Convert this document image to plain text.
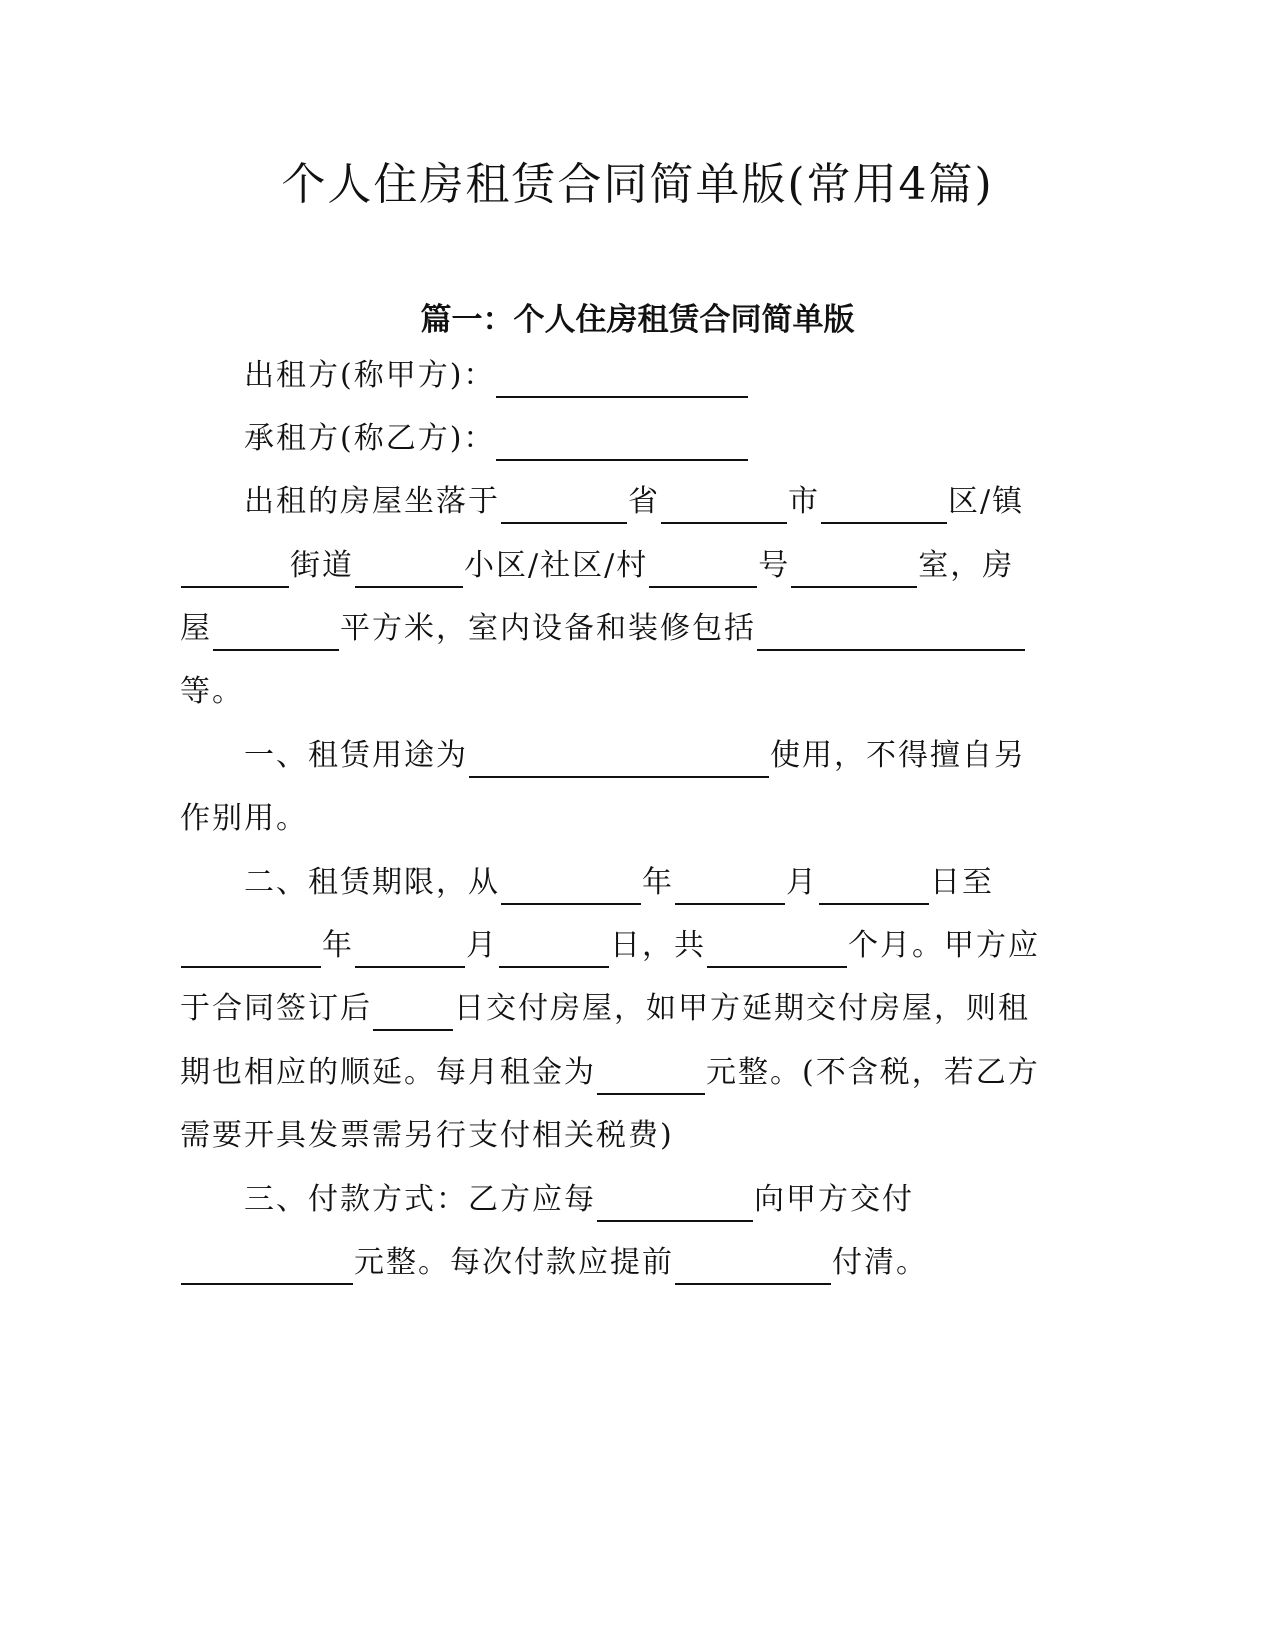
个人住房租赁合同简单版(常用4篇)
篇一：个人住房租赁合同简单版
出租方(称甲方)：
承租方(称乙方)：
出租的房屋坐落于	省	市	区/镇
街道	小区/社区/村	号	室，房
屋	平方米，室内设备和装修包括
等。
一、租赁用途为	使用，不得擅自另
作别用。
二、租赁期限，从	年	月	日至
年	月	日，共	个月。甲方应
于合同签订后	日交付房屋，如甲方延期交付房屋，则租
期也相应的顺延。每月租金为	元整。(不含税，若乙方
需要开具发票需另行支付相关税费)
三、付款方式：乙方应每	向甲方交付
元整。每次付款应提前	付清。
